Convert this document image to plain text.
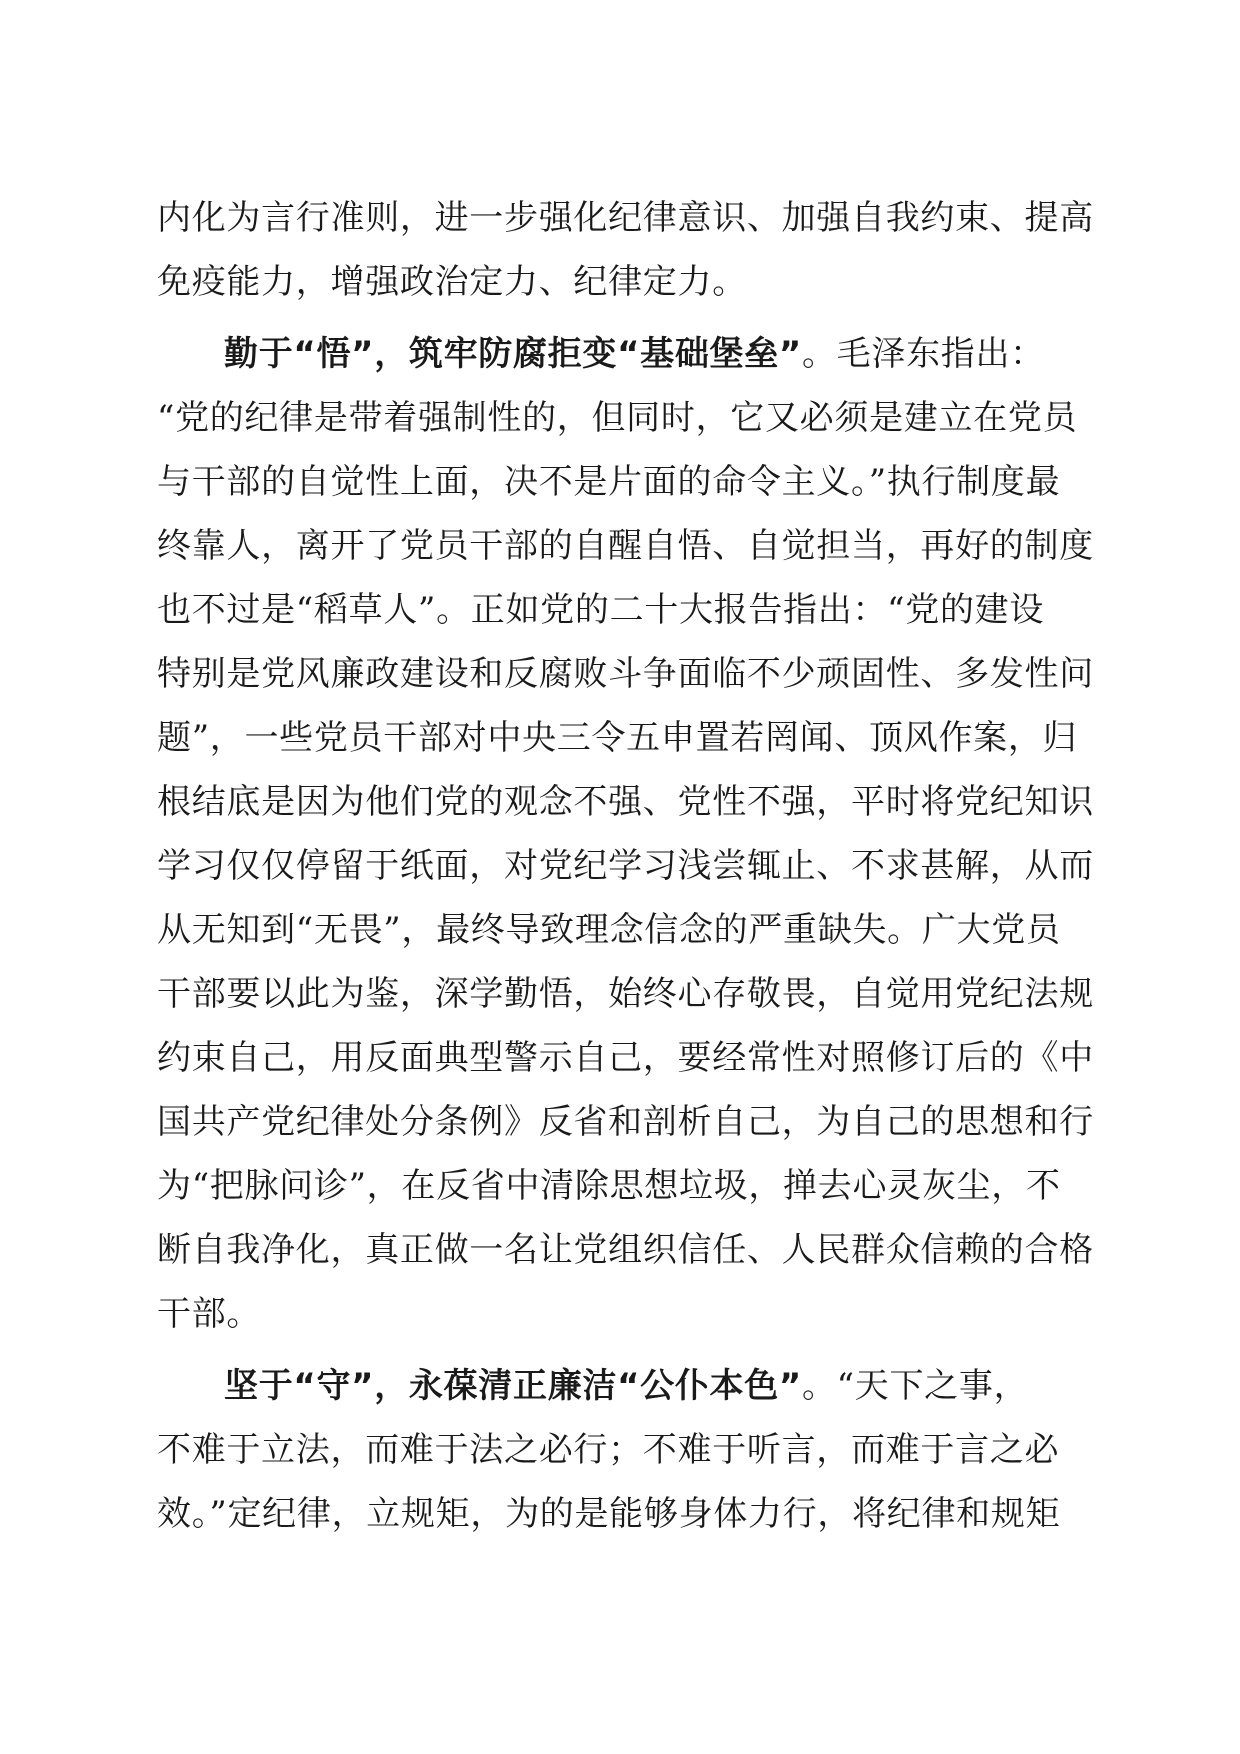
内化为言行准则，进一步强化纪律意识、加强自我约束、提高
免疫能力，增强政治定力、纪律定力。
勤于“悟”，筑牢防腐拒变“基础堡垒”。毛泽东指出：
“党的纪律是带着强制性的，但同时，它又必须是建立在党员
与干部的自觉性上面，决不是片面的命令主义。”执行制度最
终靠人，离开了党员干部的自醒自悟、自觉担当，再好的制度
也不过是“稻草人”。正如党的二十大报告指出：“党的建设
特别是党风廉政建设和反腐败斗争面临不少顽固性、多发性问
题”，一些党员干部对中央三令五申置若罔闻、顶风作案，归
根结底是因为他们党的观念不强、党性不强，平时将党纪知识
学习仅仅停留于纸面，对党纪学习浅尝辄止、不求甚解，从而
从无知到“无畏”，最终导致理念信念的严重缺失。广大党员
干部要以此为鉴，深学勤悟，始终心存敬畏，自觉用党纪法规
约束自己，用反面典型警示自己，要经常性对照修订后的《中
国共产党纪律处分条例》反省和剖析自己，为自己的思想和行
为“把脉问诊”，在反省中清除思想垃圾，掸去心灵灰尘，不
断自我净化，真正做一名让党组织信任、人民群众信赖的合格
干部。
坚于“守”，永葆清正廉洁“公仆本色”。“天下之事，
不难于立法，而难于法之必行；不难于听言，而难于言之必
效。”定纪律，立规矩，为的是能够身体力行，将纪律和规矩
